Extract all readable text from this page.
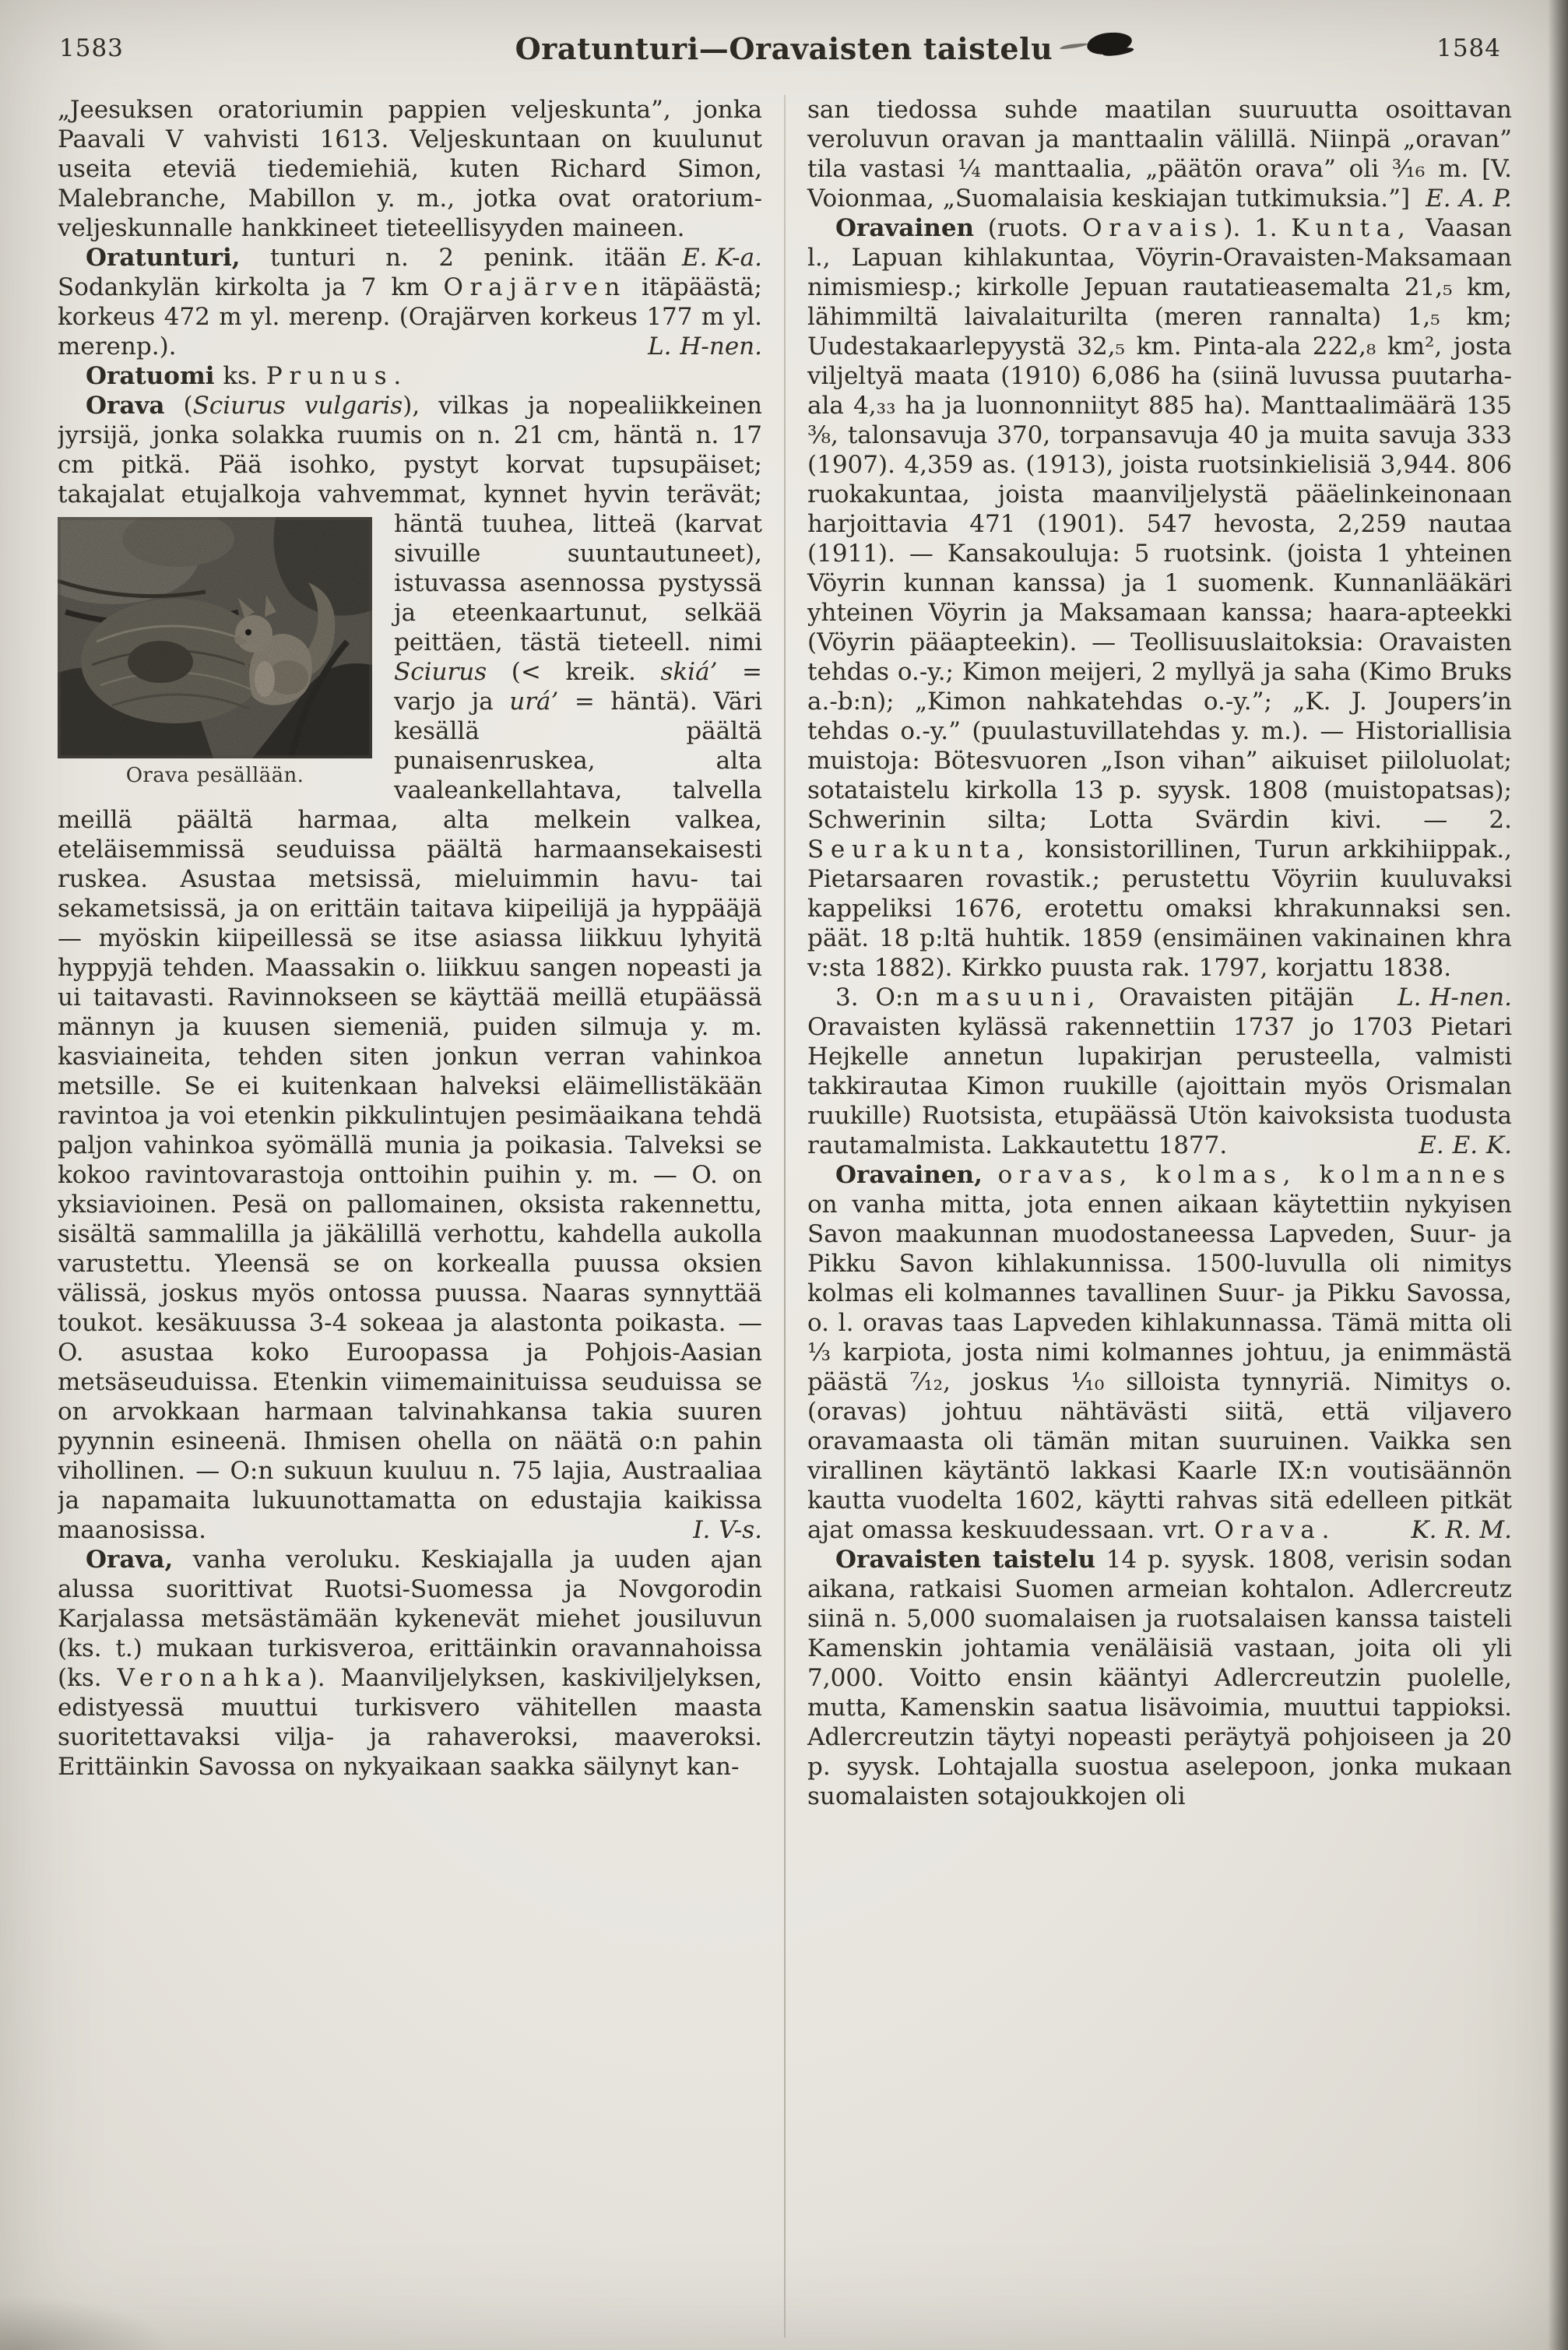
1583	Oratunturi—Oravaisten taistelu	1584

„Jeesuksen oratoriumin pappien veljeskunta”, jonka Paavali V vahvisti 1613. Veljeskuntaan on kuulunut useita eteviä tiedemiehiä, kuten Richard Simon, Malebranche, Mabillon y. m., jotka ovat oratorium-veljeskunnalle hankkineet tieteellisyyden maineen.
E. K-a.

Oratunturi, tunturi n. 2 penink. itään Sodankylän kirkolta ja 7 km Orajärven itäpäästä; korkeus 472 m yl. merenp. (Orajärven korkeus 177 m yl. merenp.).	L. H-nen.

Oratuomi ks. Prunus.

Orava (Sciurus vulgaris), vilkas ja nopealiikkeinen jyrsijä, jonka solakka ruumis on n. 21 cm, häntä n. 17 cm pitkä. Pää isohko, pystyt korvat tupsupäiset; takajalat etujalkoja vahvemmat,
Orava pesällään.
kynnet hyvin terävät; häntä tuuhea, litteä (karvat sivuille suuntautuneet), istuvassa asennossa pystyssä ja eteenkaartunut, selkää peittäen, tästä tieteell. nimi Sciurus (< kreik. skiá’ = varjo ja urá’ = häntä). Väri kesällä päältä punaisenruskea, alta vaaleankellahtava, talvella meillä päältä harmaa, alta melkein valkea, eteläisemmissä seuduissa päältä harmaansekaisesti ruskea. Asustaa metsissä, mieluimmin havu- tai sekametsissä, ja on erittäin taitava kiipeilijä ja hyppääjä — myöskin kiipeillessä se itse asiassa liikkuu lyhyitä hyppyjä tehden. Maassakin o. liikkuu sangen nopeasti ja ui taitavasti. Ravinnokseen se käyttää meillä etupäässä männyn ja kuusen siemeniä, puiden silmuja y. m. kasviaineita, tehden siten jonkun verran vahinkoa metsille. Se ei kuitenkaan halveksi eläimellistäkään ravintoa ja voi etenkin pikkulintujen pesimäaikana tehdä paljon vahinkoa syömällä munia ja poikasia. Talveksi se kokoo ravintovarastoja onttoihin puihin y. m. — O. on yksiavioinen. Pesä on pallomainen, oksista rakennettu, sisältä sammalilla ja jäkälillä verhottu, kahdella aukolla varustettu. Yleensä se on korkealla puussa oksien välissä, joskus myös ontossa puussa. Naaras synnyttää toukot. kesäkuussa 3-4 sokeaa ja alastonta poikasta. — O. asustaa koko Euroopassa ja Pohjois-Aasian metsäseuduissa. Etenkin viimemainituissa seuduissa se on arvokkaan harmaan talvinahkansa takia suuren pyynnin esineenä. Ihmisen ohella on näätä o:n pahin vihollinen. — O:n sukuun kuuluu n. 75 lajia, Austraaliaa ja napamaita lukuunottamatta on edustajia kaikissa maanosissa.	I. V-s.

Orava, vanha veroluku. Keskiajalla ja uuden ajan alussa suorittivat Ruotsi-Suomessa ja Novgorodin Karjalassa metsästämään kykenevät miehet jousiluvun (ks. t.) mukaan turkisveroa, erittäinkin oravannahoissa (ks. Veronahka). Maanviljelyksen, kaskiviljelyksen, edistyessä muuttui turkisvero vähitellen maasta suoritettavaksi vilja- ja rahaveroksi, maaveroksi. Erittäinkin Savossa on nykyaikaan saakka säilynyt kan-

san tiedossa suhde maatilan suuruutta osoittavan veroluvun oravan ja manttaalin välillä. Niinpä „oravan” tila vastasi ¹⁄₄ manttaalia, „päätön orava” oli ³⁄₁₆ m. [V. Voionmaa, „Suomalaisia keskiajan tutkimuksia.”] E. A. P.

Oravainen (ruots. Oravais). 1. Kunta, Vaasan l., Lapuan kihlakuntaa, Vöyrin-Oravaisten-Maksamaan nimismiesp.; kirkolle Jepuan rautatieasemalta 21,₅ km, lähimmiltä laivalaiturilta (meren rannalta) 1,₅ km; Uudestakaarlepyystä 32,₅ km. Pinta-ala 222,₈ km², josta viljeltyä maata (1910) 6,086 ha (siinä luvussa puutarha-ala 4,₃₃ ha ja luonnonniityt 885 ha). Manttaalimäärä 135 ³⁄₈, talonsavuja 370, torpansavuja 40 ja muita savuja 333 (1907). 4,359 as. (1913), joista ruotsinkielisiä 3,944. 806 ruokakuntaa, joista maanviljelystä pääelinkeinonaan harjoittavia 471 (1901). 547 hevosta, 2,259 nautaa (1911). — Kansakouluja: 5 ruotsink. (joista 1 yhteinen Vöyrin kunnan kanssa) ja 1 suomenk. Kunnanlääkäri yhteinen Vöyrin ja Maksamaan kanssa; haara-apteekki (Vöyrin pääapteekin). — Teollisuuslaitoksia: Oravaisten tehdas o.-y.; Kimon meijeri, 2 myllyä ja saha (Kimo Bruks a.-b:n); „Kimon nahkatehdas o.-y.”; „K. J. Joupers’in tehdas o.-y.” (puulastuvillatehdas y. m.). — Historiallisia muistoja: Bötesvuoren „Ison vihan” aikuiset piiloluolat; sotataistelu kirkolla 13 p. syysk. 1808 (muistopatsas); Schwerinin silta; Lotta Svärdin kivi. — 2. Seurakunta, konsistorillinen, Turun arkkihiippak., Pietarsaaren rovastik.; perustettu Vöyriin kuuluvaksi kappeliksi 1676, erotettu omaksi khrakunnaksi sen. päät. 18 p:ltä huhtik. 1859 (ensimäinen vakinainen khra v:sta 1882). Kirkko puusta rak. 1797, korjattu 1838.
L. H-nen.

3. O:n masuuni, Oravaisten pitäjän Oravaisten kylässä rakennettiin 1737 jo 1703 Pietari Hejkelle annetun lupakirjan perusteella, valmisti takkirautaa Kimon ruukille (ajoittain myös Orismalan ruukille) Ruotsista, etupäässä Utön kaivoksista tuodusta rautamalmista. Lakkautettu 1877.	E. E. K.

Oravainen, oravas, kolmas, kolmannes on vanha mitta, jota ennen aikaan käytettiin nykyisen Savon maakunnan muodostaneessa Lapveden, Suur- ja Pikku Savon kihlakunnissa. 1500-luvulla oli nimitys kolmas eli kolmannes tavallinen Suur- ja Pikku Savossa, o. l. oravas taas Lapveden kihlakunnassa. Tämä mitta oli ¹⁄₃ karpiota, josta nimi kolmannes johtuu, ja enimmästä päästä ⁷⁄₁₂, joskus ¹⁄₁₀ silloista tynnyriä. Nimitys o. (oravas) johtuu nähtävästi siitä, että viljavero oravamaasta oli tämän mitan suuruinen. Vaikka sen virallinen käytäntö lakkasi Kaarle IX:n voutisäännön kautta vuodelta 1602, käytti rahvas sitä edelleen pitkät ajat omassa keskuudessaan. vrt. Orava.	K. R. M.

Oravaisten taistelu 14 p. syysk. 1808, verisin sodan aikana, ratkaisi Suomen armeian kohtalon. Adlercreutz siinä n. 5,000 suomalaisen ja ruotsalaisen kanssa taisteli Kamenskin johtamia venäläisiä vastaan, joita oli yli 7,000. Voitto ensin kääntyi Adlercreutzin puolelle, mutta, Kamenskin saatua lisävoimia, muuttui tappioksi. Adlercreutzin täytyi nopeasti peräytyä pohjoiseen ja 20 p. syysk. Lohtajalla suostua aselepoon, jonka mukaan suomalaisten sotajoukkojen oli
